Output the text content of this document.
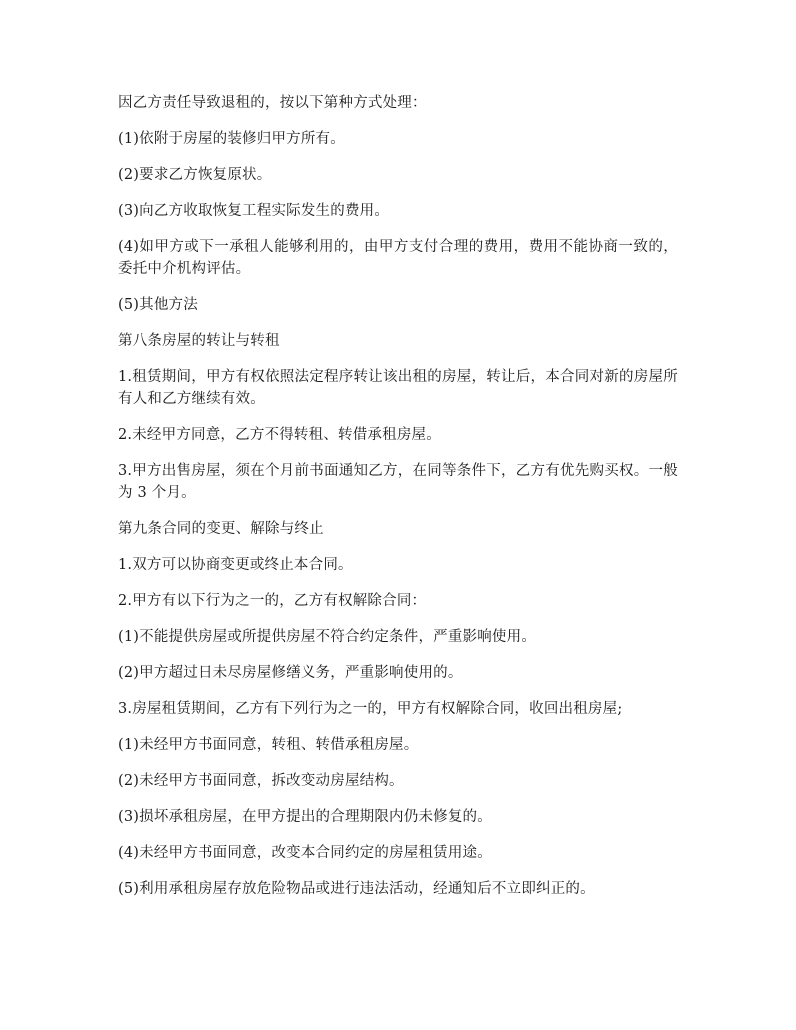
因乙方责任导致退租的，按以下第种方式处理：

(1)依附于房屋的装修归甲方所有。

(2)要求乙方恢复原状。

(3)向乙方收取恢复工程实际发生的费用。

(4)如甲方或下一承租人能够利用的，由甲方支付合理的费用，费用不能协商一致的，委托中介机构评估。

(5)其他方法

第八条房屋的转让与转租

1.租赁期间，甲方有权依照法定程序转让该出租的房屋，转让后，本合同对新的房屋所有人和乙方继续有效。

2.未经甲方同意，乙方不得转租、转借承租房屋。

3.甲方出售房屋，须在个月前书面通知乙方，在同等条件下，乙方有优先购买权。一般为 3 个月。

第九条合同的变更、解除与终止

1.双方可以协商变更或终止本合同。

2.甲方有以下行为之一的，乙方有权解除合同：

(1)不能提供房屋或所提供房屋不符合约定条件，严重影响使用。

(2)甲方超过日未尽房屋修缮义务，严重影响使用的。

3.房屋租赁期间，乙方有下列行为之一的，甲方有权解除合同，收回出租房屋;

(1)未经甲方书面同意，转租、转借承租房屋。

(2)未经甲方书面同意，拆改变动房屋结构。

(3)损坏承租房屋，在甲方提出的合理期限内仍未修复的。

(4)未经甲方书面同意，改变本合同约定的房屋租赁用途。

(5)利用承租房屋存放危险物品或进行违法活动，经通知后不立即纠正的。
